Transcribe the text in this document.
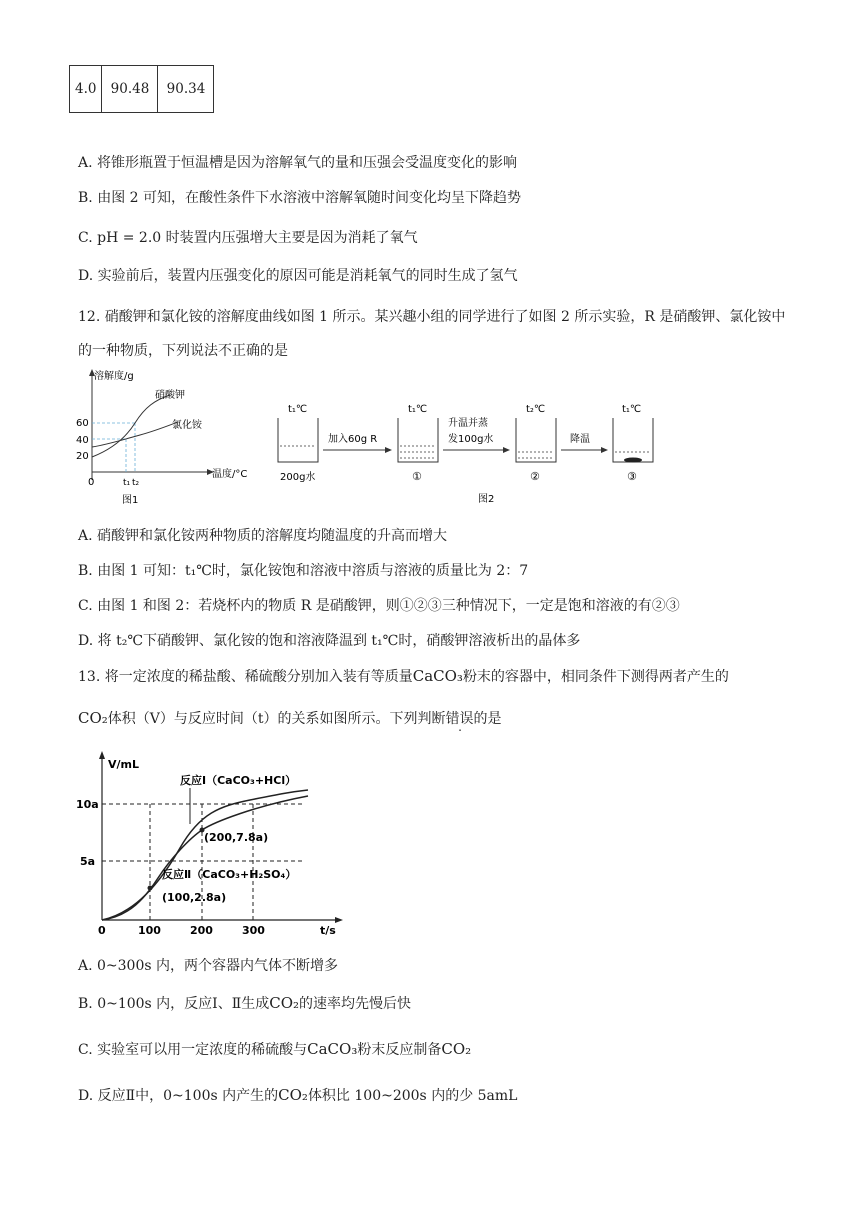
4.0	90.48	90.34
A. 将锥形瓶置于恒温槽是因为溶解氧气的量和压强会受温度变化的影响
B. 由图 2 可知，在酸性条件下水溶液中溶解氧随时间变化均呈下降趋势
C. pH = 2.0 时装置内压强增大主要是因为消耗了氧气
D. 实验前后，装置内压强变化的原因可能是消耗氧气的同时生成了氢气
12. 硝酸钾和氯化铵的溶解度曲线如图 1 所示。某兴趣小组的同学进行了如图 2 所示实验，R 是硝酸钾、氯化铵中的一种物质，下列说法不正确的是
溶解度/g
温度/°C
60
40
20
0
硝酸钾
氯化铵
t₁ t₂
图1
t₁℃	t₁℃	t₂℃	t₁℃
加入60g R
升温并蒸
发100g水	降温
200g水	①	②	③
图2
A. 硝酸钾和氯化铵两种物质的溶解度均随温度的升高而增大
B. 由图 1 可知：t₁℃时，氯化铵饱和溶液中溶质与溶液的质量比为 2：7
C. 由图 1 和图 2：若烧杯内的物质 R 是硝酸钾，则①②③三种情况下，一定是饱和溶液的有②③
D. 将 t₂℃下硝酸钾、氯化铵的饱和溶液降温到 t₁℃时，硝酸钾溶液析出的晶体多
13. 将一定浓度的稀盐酸、稀硫酸分别加入装有等质量CaCO₃粉末的容器中，相同条件下测得两者产生的
CO₂体积（V）与反应时间（t）的关系如图所示。下列判断错误的是
V/mL
t/s
10a
5a
0	100	200	300
反应Ⅰ（CaCO₃+HCl）
(200,7.8a)
反应Ⅱ（CaCO₃+H₂SO₄）
(100,2.8a)
A. 0~300s 内，两个容器内气体不断增多
B. 0~100s 内，反应Ⅰ、Ⅱ生成CO₂的速率均先慢后快
C. 实验室可以用一定浓度的稀硫酸与CaCO₃粉末反应制备CO₂
D. 反应Ⅱ中，0~100s 内产生的CO₂体积比 100~200s 内的少 5amL
